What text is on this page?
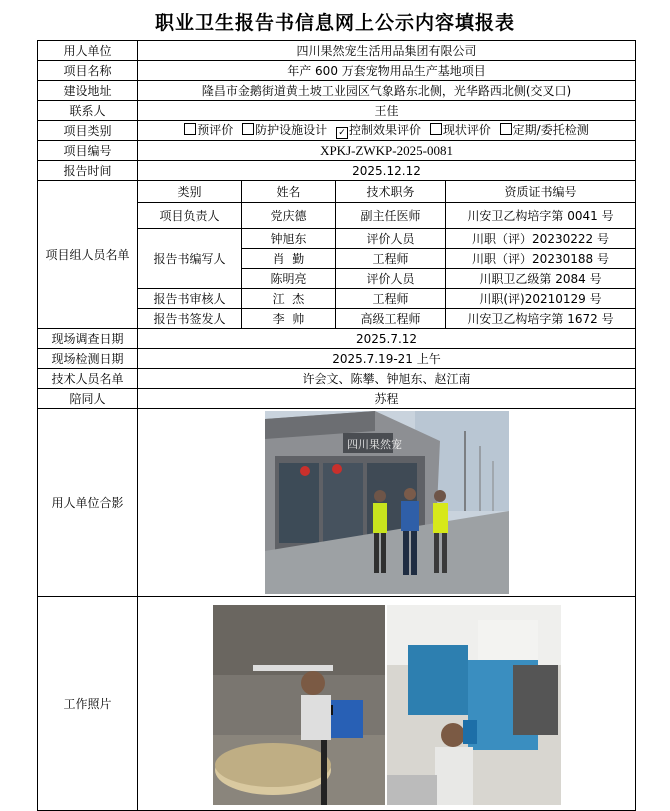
职业卫生报告书信息网上公示内容填报表
用人单位	四川果然宠生活用品集团有限公司			
项目名称	年产 600 万套宠物用品生产基地项目			
建设地址	隆昌市金鹅街道黄土坡工业园区气象路东北侧，光华路西北侧(交叉口)			
联系人	王佳			
项目类别	预评价 防护设施设计 ✓ 控制效果评价 现状评价 定期/委托检测			
项目编号	XPKJ-ZWKP-2025-0081			
报告时间	2025.12.12			
项目组人员名单	类别	姓名	技术职务	资质证书编号
	项目负责人	党庆德	副主任医师	川安卫乙构培字第 0041 号
	报告书编写人	钟旭东	评价人员	川职（评）20230222 号
		肖  勤	工程师	川职（评）20230188 号
		陈明亮	评价人员	川职卫乙级第 2084 号
	报告书审核人	江  杰	工程师	川职(评)20210129 号
	报告书签发人	李  帅	高级工程师	川安卫乙构培字第 1672 号
现场调查日期	2025.7.12			
现场检测日期	2025.7.19-21 上午			
技术人员名单	许会文、陈攀、钟旭东、赵江南			
陪同人	苏程			
用人单位合影	四川果然宠			

工作照片	
